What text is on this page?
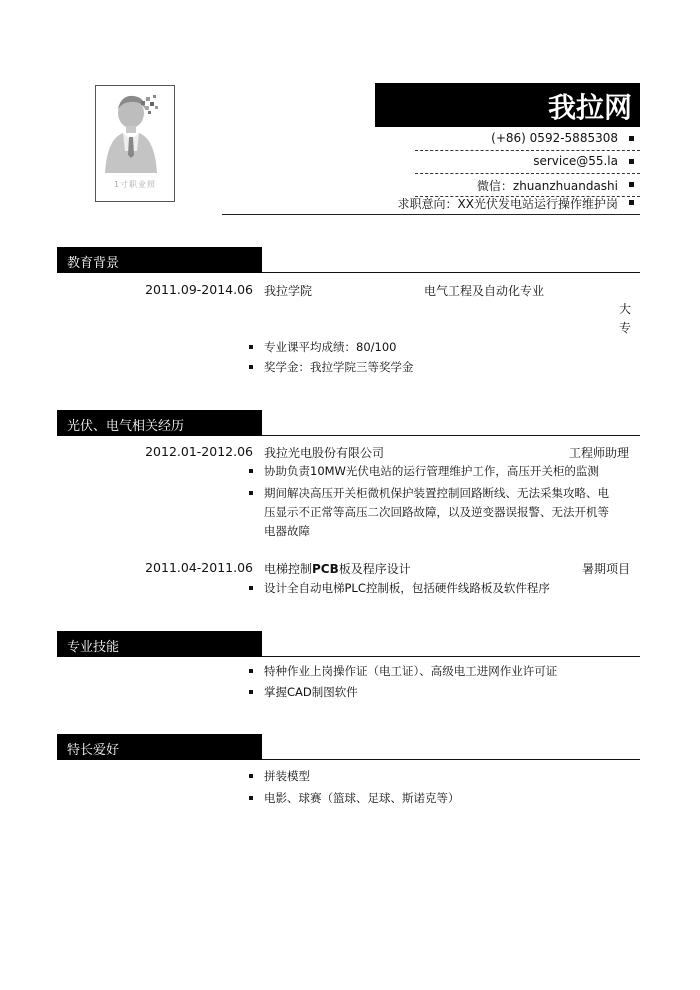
1寸职业照
我拉网
(+86) 0592-5885308
service@55.la
微信：zhuanzhuandashi
求职意向：XX光伏发电站运行操作维护岗
教育背景
2011.09-2014.06 我拉学院	电气工程及自动化专业
大
专
专业课平均成绩：80/100
奖学金：我拉学院三等奖学金
光伏、电气相关经历
2012.01-2012.06 我拉光电股份有限公司	工程师助理
协助负责10MW光伏电站的运行管理维护工作，高压开关柜的监测
期间解决高压开关柜微机保护装置控制回路断线、无法采集攻略、电
压显示不正常等高压二次回路故障，以及逆变器误报警、无法开机等
电器故障
2011.04-2011.06 电梯控制PCB板及程序设计	暑期项目
设计全自动电梯PLC控制板，包括硬件线路板及软件程序
专业技能
特种作业上岗操作证（电工证）、高级电工进网作业许可证
掌握CAD制图软件
特长爱好
拼装模型
电影、球赛（篮球、足球、斯诺克等）
